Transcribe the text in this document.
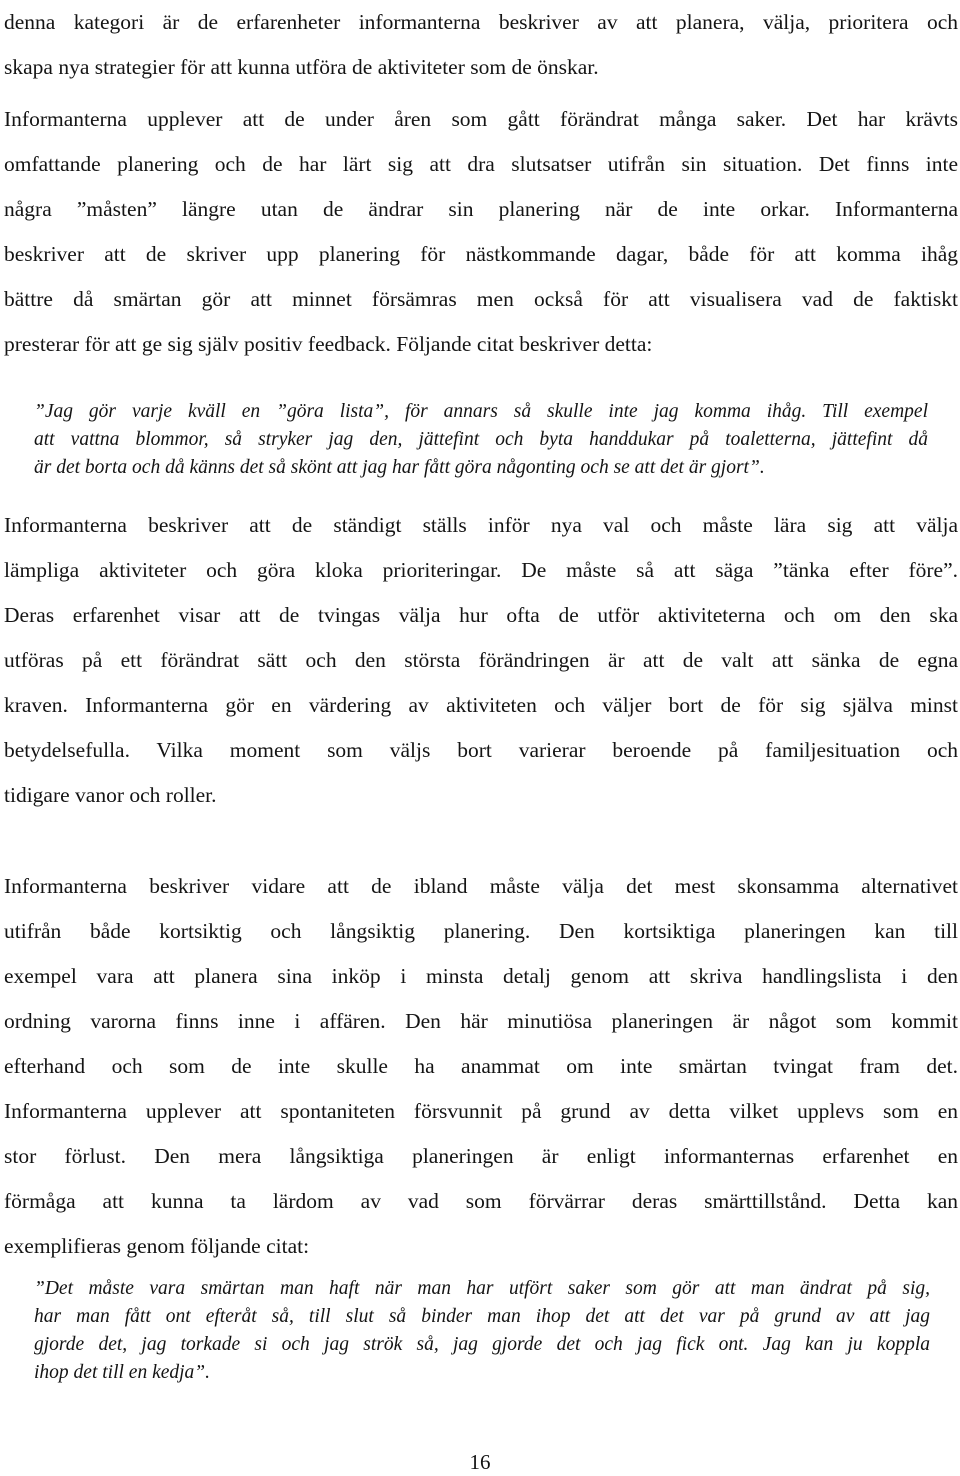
denna kategori är de erfarenheter informanterna beskriver av att planera, välja, prioritera och
skapa nya strategier för att kunna utföra de aktiviteter som de önskar.
Informanterna upplever att de under åren som gått förändrat många saker. Det har krävts
omfattande planering och de har lärt sig att dra slutsatser utifrån sin situation. Det finns inte
några ”måsten” längre utan de ändrar sin planering när de inte orkar. Informanterna
beskriver att de skriver upp planering för nästkommande dagar, både för att komma ihåg
bättre då smärtan gör att minnet försämras men också för att visualisera vad de faktiskt
presterar för att ge sig själv positiv feedback. Följande citat beskriver detta:
”Jag gör varje kväll en ”göra lista”, för annars så skulle inte jag komma ihåg. Till exempel
att vattna blommor, så stryker jag den, jättefint och byta handdukar på toaletterna, jättefint då
är det borta och då känns det så skönt att jag har fått göra någonting och se att det är gjort”.
Informanterna beskriver att de ständigt ställs inför nya val och måste lära sig att välja
lämpliga aktiviteter och göra kloka prioriteringar. De måste så att säga ”tänka efter före”.
Deras erfarenhet visar att de tvingas välja hur ofta de utför aktiviteterna och om den ska
utföras på ett förändrat sätt och den största förändringen är att de valt att sänka de egna
kraven. Informanterna gör en värdering av aktiviteten och väljer bort de för sig själva minst
betydelsefulla. Vilka moment som väljs bort varierar beroende på familjesituation och
tidigare vanor och roller.
Informanterna beskriver vidare att de ibland måste välja det mest skonsamma alternativet
utifrån både kortsiktig och långsiktig planering. Den kortsiktiga planeringen kan till
exempel vara att planera sina inköp i minsta detalj genom att skriva handlingslista i den
ordning varorna finns inne i affären. Den här minutiösa planeringen är något som kommit
efterhand och som de inte skulle ha anammat om inte smärtan tvingat fram det.
Informanterna upplever att spontaniteten försvunnit på grund av detta vilket upplevs som en
stor förlust. Den mera långsiktiga planeringen är enligt informanternas erfarenhet en
förmåga att kunna ta lärdom av vad som förvärrar deras smärttillstånd. Detta kan
exemplifieras genom följande citat:
”Det måste vara smärtan man haft när man har utfört saker som gör att man ändrat på sig,
har man fått ont efteråt så, till slut så binder man ihop det att det var på grund av att jag
gjorde det, jag torkade si och jag strök så, jag gjorde det och jag fick ont. Jag kan ju koppla
ihop det till en kedja”.
16
